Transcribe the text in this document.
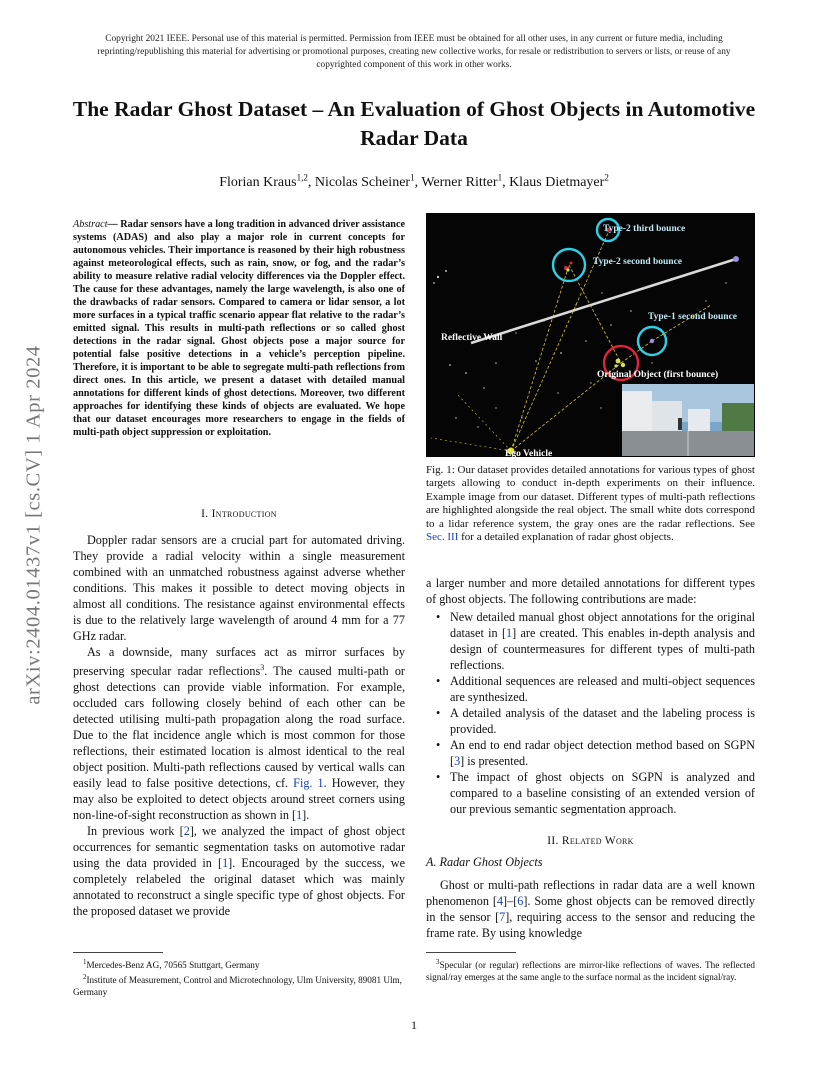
Copyright 2021 IEEE. Personal use of this material is permitted. Permission from IEEE must be obtained for all other uses, in any current or future media, including reprinting/republishing this material for advertising or promotional purposes, creating new collective works, for resale or redistribution to servers or lists, or reuse of any copyrighted component of this work in other works.
The Radar Ghost Dataset – An Evaluation of Ghost Objects in Automotive Radar Data
Florian Kraus$^{1,2}$, Nicolas Scheiner$^1$, Werner Ritter$^1$, Klaus Dietmayer$^2$
arXiv:2404.01437v1 [cs.CV] 1 Apr 2024
Abstract— Radar sensors have a long tradition in advanced driver assistance systems (ADAS) and also play a major role in current concepts for autonomous vehicles. Their importance is reasoned by their high robustness against meteorological effects, such as rain, snow, or fog, and the radar’s ability to measure relative radial velocity differences via the Doppler effect. The cause for these advantages, namely the large wavelength, is also one of the drawbacks of radar sensors. Compared to camera or lidar sensor, a lot more surfaces in a typical traffic scenario appear flat relative to the radar’s emitted signal. This results in multi-path reflections or so called ghost detections in the radar signal. Ghost objects pose a major source for potential false positive detections in a vehicle’s perception pipeline. Therefore, it is important to be able to segregate multi-path reflections from direct ones. In this article, we present a dataset with detailed manual annotations for different kinds of ghost detections. Moreover, two different approaches for identifying these kinds of objects are evaluated. We hope that our dataset encourages more researchers to engage in the fields of multi-path object suppression or exploitation.
I. Introduction

Doppler radar sensors are a crucial part for automated driving. They provide a radial velocity within a single measurement combined with an unmatched robustness against adverse whether conditions. This makes it possible to detect moving objects in almost all conditions. The resistance against environmental effects is due to the relatively large wavelength of around 4 mm for a 77 GHz radar.

As a downside, many surfaces act as mirror surfaces by preserving specular radar reflections$^3$. The caused multi-path or ghost detections can provide viable information. For example, occluded cars following closely behind of each other can be detected utilising multi-path propagation along the road surface. Due to the flat incidence angle which is most common for those reflections, their estimated location is almost identical to the real object position. Multi-path reflections caused by vertical walls can easily lead to false positive detections, cf. Fig. 1. However, they may also be exploited to detect objects around street corners using non-line-of-sight reconstruction as shown in [1].

In previous work [2], we analyzed the impact of ghost object occurrences for semantic segmentation tasks on automotive radar using the data provided in [1]. Encouraged by the success, we completely relabeled the original dataset which was mainly annotated to reconstruct a single specific type of ghost objects. For the proposed dataset we provide

$^1$Mercedes-Benz AG, 70565 Stuttgart, Germany
$^2$Institute of Measurement, Control and Microtechnology, Ulm University, 89081 Ulm, Germany
Type-2 third bounce
Type-2 second bounce
Type-1 second bounce
Reflective Wall
Original Object (first bounce)
Ego Vehicle
Fig. 1: Our dataset provides detailed annotations for various types of ghost targets allowing to conduct in-depth experiments on their influence. Example image from our dataset. Different types of multi-path reflections are highlighted alongside the real object. The small white dots correspond to a lidar reference system, the gray ones are the radar reflections. See Sec. III for a detailed explanation of radar ghost objects.

a larger number and more detailed annotations for different types of ghost objects. The following contributions are made:

• New detailed manual ghost object annotations for the original dataset in [1] are created. This enables in-depth analysis and design of countermeasures for different types of multi-path reflections.
• Additional sequences are released and multi-object sequences are synthesized.
• A detailed analysis of the dataset and the labeling process is provided.
• An end to end radar object detection method based on SGPN [3] is presented.
• The impact of ghost objects on SGPN is analyzed and compared to a baseline consisting of an extended version of our previous semantic segmentation approach.
II. Related Work
A. Radar Ghost Objects

Ghost or multi-path reflections in radar data are a well known phenomenon [4]–[6]. Some ghost objects can be removed directly in the sensor [7], requiring access to the sensor and reducing the frame rate. By using knowledge

$^3$Specular (or regular) reflections are mirror-like reflections of waves. The reflected signal/ray emerges at the same angle to the surface normal as the incident signal/ray.
1
